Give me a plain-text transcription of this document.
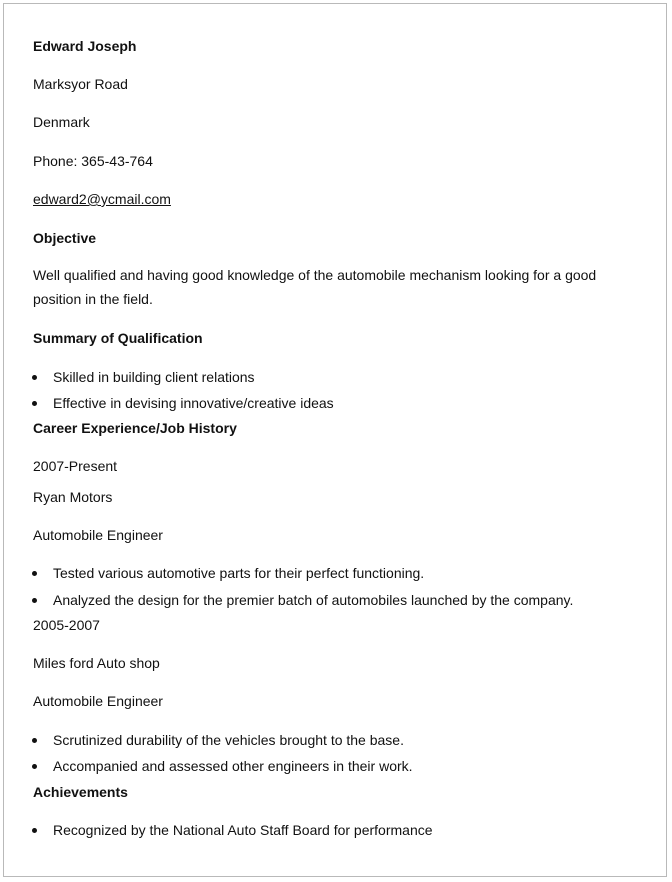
Edward Joseph
Marksyor Road
Denmark
Phone: 365-43-764
edward2@ycmail.com
Objective
Well qualified and having good knowledge of the automobile mechanism looking for a good position in the field.
Summary of Qualification
Skilled in building client relations
Effective in devising innovative/creative ideas
Career Experience/Job History
2007-Present
Ryan Motors
Automobile Engineer
Tested various automotive parts for their perfect functioning.
Analyzed the design for the premier batch of automobiles launched by the company.
2005-2007
Miles ford Auto shop
Automobile Engineer
Scrutinized durability of the vehicles brought to the base.
Accompanied and assessed other engineers in their work.
Achievements
Recognized by the National Auto Staff Board for performance
